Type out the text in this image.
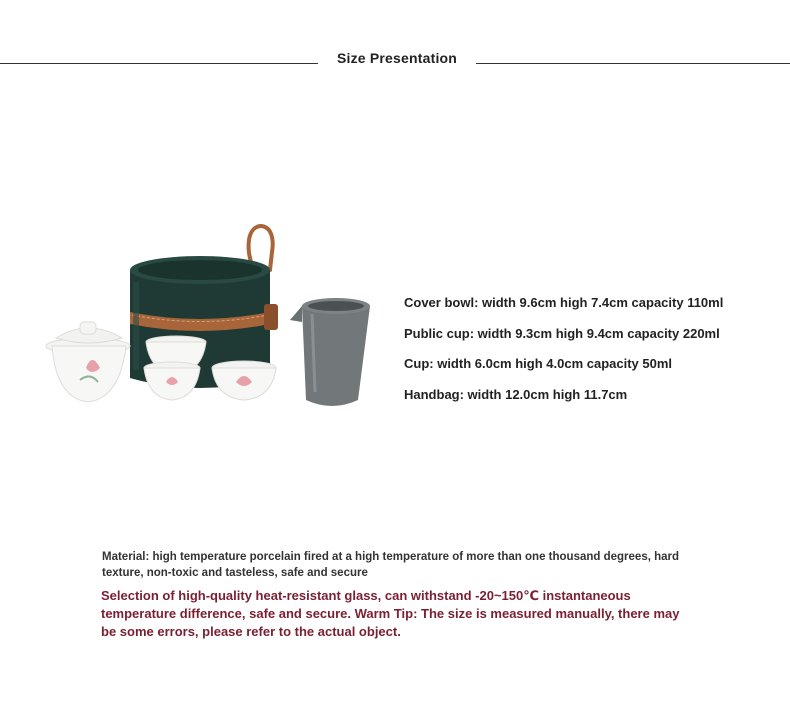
Size Presentation
Cover bowl: width 9.6cm high 7.4cm capacity 110ml
Public cup: width 9.3cm high 9.4cm capacity 220ml
Cup: width 6.0cm high 4.0cm capacity 50ml
Handbag: width 12.0cm high 11.7cm
Material: high temperature porcelain fired at a high temperature of more than one thousand degrees, hard texture, non-toxic and tasteless, safe and secure
Selection of high-quality heat-resistant glass, can withstand -20~150℃ instantaneous temperature difference, safe and secure. Warm Tip: The size is measured manually, there may be some errors, please refer to the actual object.
